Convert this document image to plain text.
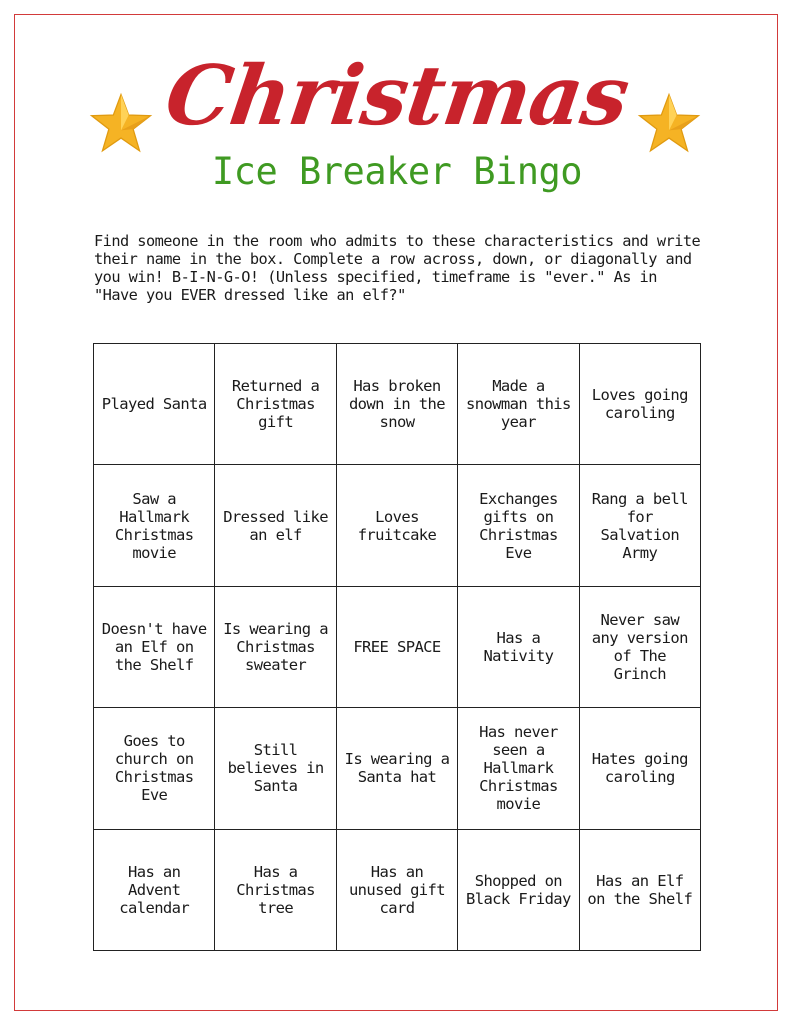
Christmas
Ice Breaker Bingo
Find someone in the room who admits to these characteristics and write their name in the box. Complete a row across, down, or diagonally and you win! B-I-N-G-O! (Unless specified, timeframe is "ever." As in "Have you EVER dressed like an elf?"
Played Santa
Returned a Christmas gift
Has broken down in the snow
Made a snowman this year
Loves going caroling
Saw a Hallmark Christmas movie
Dressed like an elf
Loves fruitcake
Exchanges gifts on Christmas Eve
Rang a bell for Salvation Army
Doesn't have an Elf on the Shelf
Is wearing a Christmas sweater
FREE SPACE	Has a Nativity
Never saw any version of The Grinch
Goes to church on Christmas Eve
Still believes in Santa
Is wearing a Santa hat
Has never seen a Hallmark Christmas movie
Hates going caroling
Has an Advent calendar
Has a Christmas tree
Has an unused gift card
Shopped on Black Friday
Has an Elf on the Shelf
